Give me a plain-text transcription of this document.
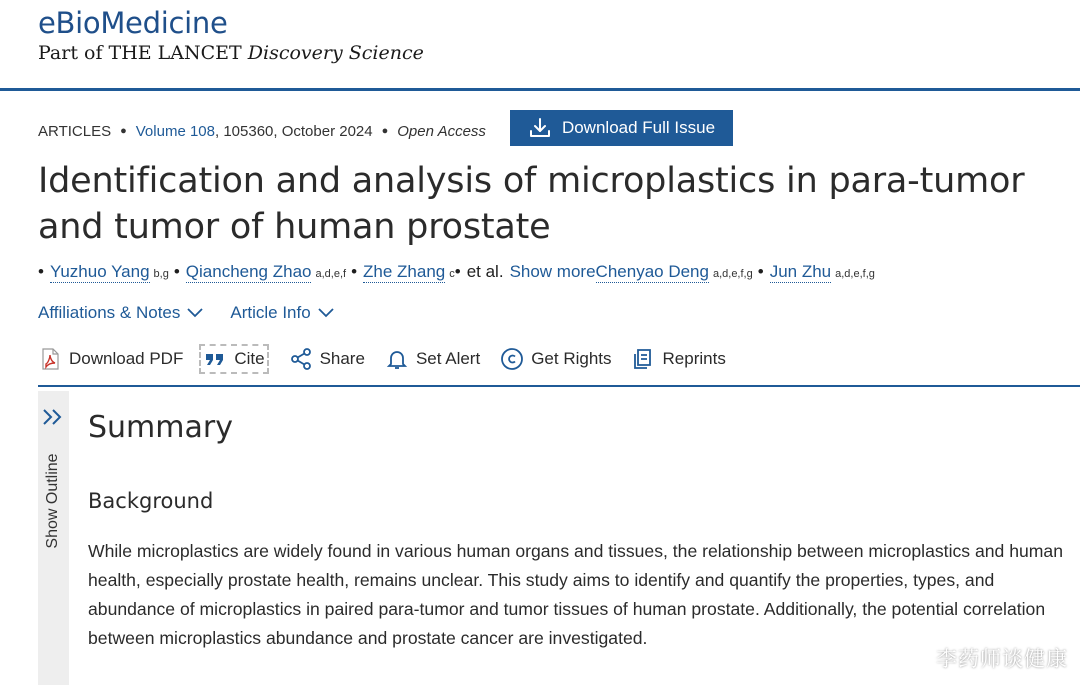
eBioMedicine
Part of THE LANCET Discovery Science
ARTICLES ● Volume 108 , 105360, October 2024 ● Open Access	Download Full Issue
Identification and analysis of microplastics in para-tumor and tumor of human prostate
• Yuzhuo Yang b,g • Qiancheng Zhao a,d,e,f • Zhe Zhang c • et al. Show more Chenyao Deng a,d,e,f,g • Jun Zhu a,d,e,f,g
Affiliations & Notes	Article Info
Download PDF	Cite	Share	Set Alert	Get Rights	Reprints
Show Outline
Summary
Background

While microplastics are widely found in various human organs and tissues, the relationship between microplastics and human health, especially prostate health, remains unclear. This study aims to identify and quantify the properties, types, and abundance of microplastics in paired para-tumor and tumor tissues of human prostate. Additionally, the potential correlation between microplastics abundance and prostate cancer are investigated.

李药师谈健康
